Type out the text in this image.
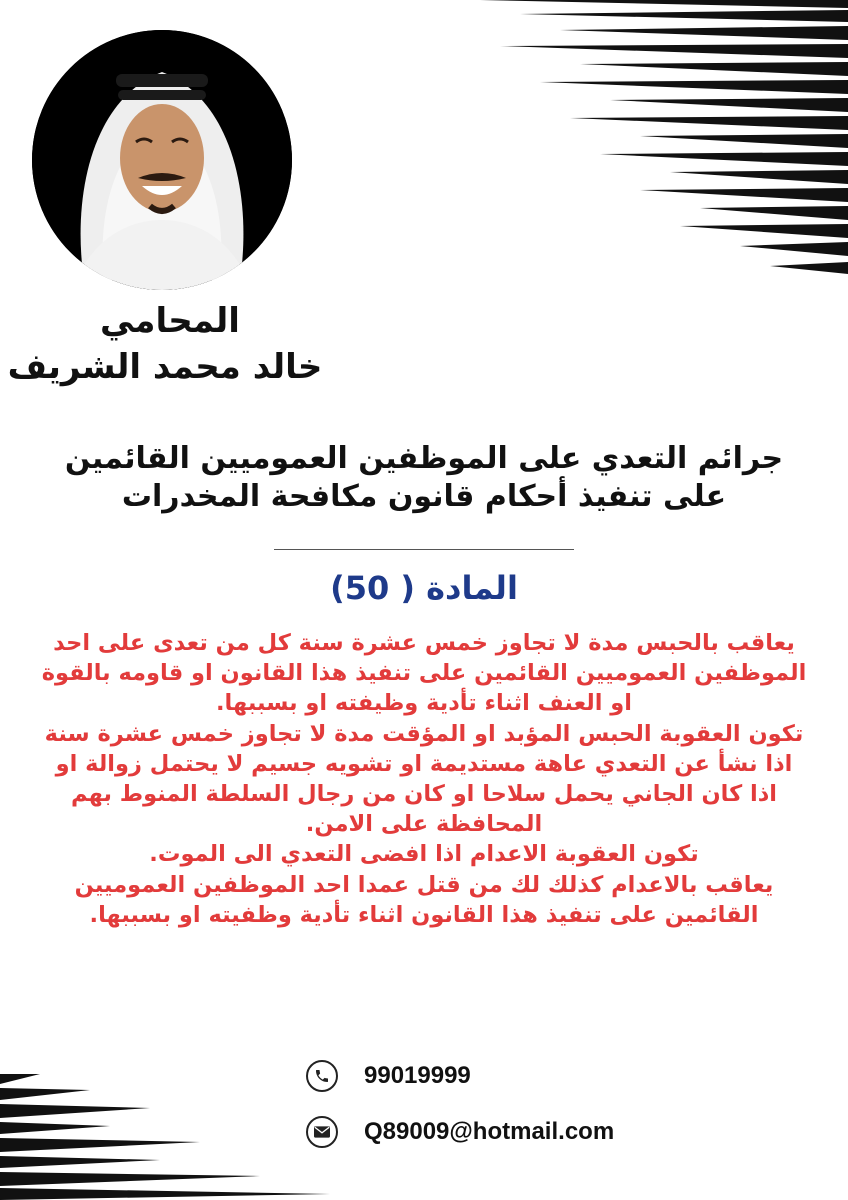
المحامي

خالد محمد الشريف

جرائم التعدي على الموظفين العموميين القائمين
على تنفيذ أحكام قانون مكافحة المخدرات
المادة ( 50)
يعاقب بالحبس مدة لا تجاوز خمس عشرة سنة كل من تعدى على احد
الموظفين العموميين القائمين على تنفيذ هذا القانون او قاومه بالقوة
او العنف اثناء تأدية وظيفته او بسببها.
تكون العقوبة الحبس المؤبد او المؤقت مدة لا تجاوز خمس عشرة سنة
اذا نشأ عن التعدي عاهة مستديمة او تشويه جسيم لا يحتمل زوالة او
اذا كان الجاني يحمل سلاحا او كان من رجال السلطة المنوط بهم
المحافظة على الامن.
تكون العقوبة الاعدام اذا افضى التعدي الى الموت.
يعاقب بالاعدام كذلك لك من قتل عمدا احد الموظفين العموميين
القائمين على تنفيذ هذا القانون اثناء تأدية وظفيته او بسببها.
99019999
Q89009@hotmail.com
